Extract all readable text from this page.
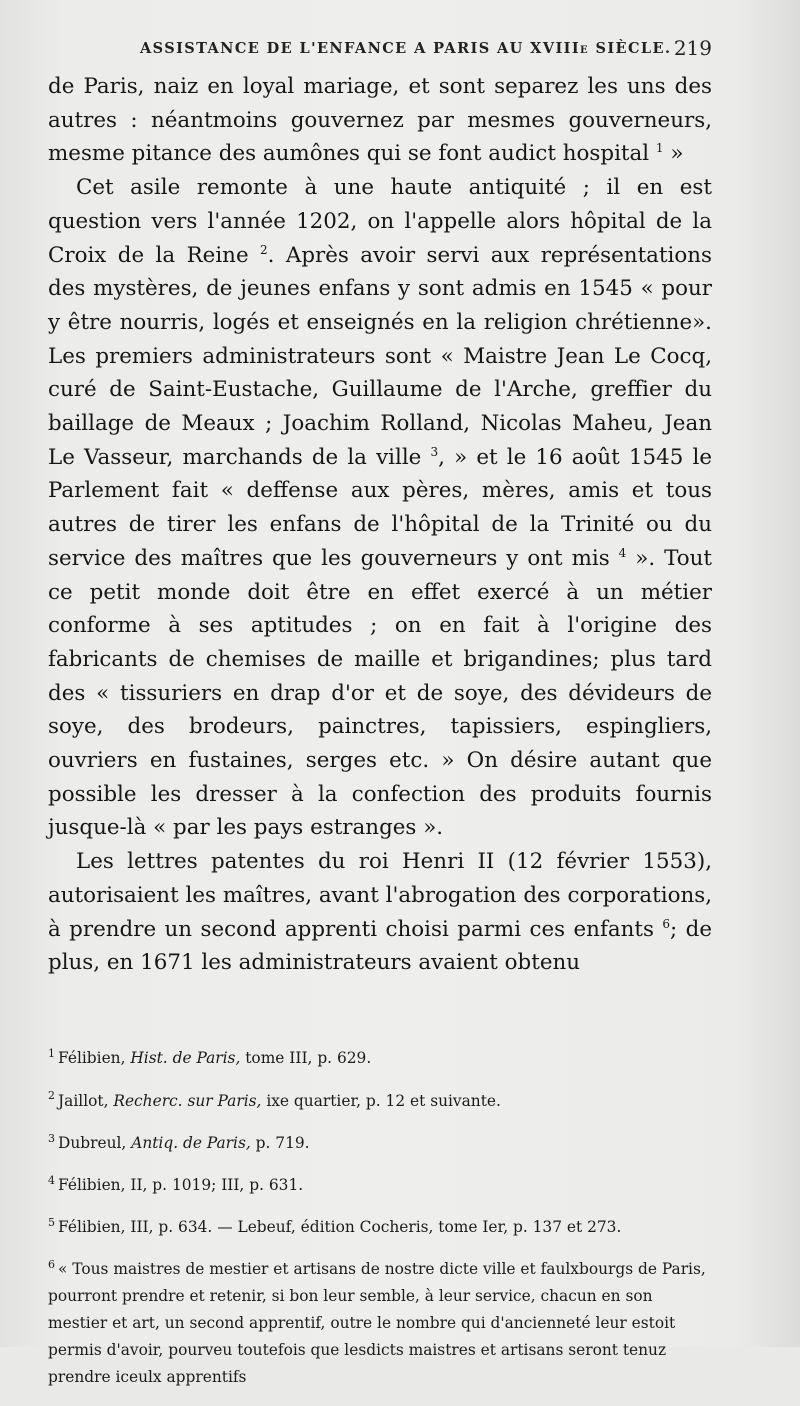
ASSISTANCE DE L'ENFANCE A PARIS AU XVIIIe SIÈCLE. 219

de Paris, naiz en loyal mariage, et sont separez les uns des autres : néantmoins gouvernez par mesmes gouverneurs, mesme pitance des aumônes qui se font audict hospital $^1$ »

Cet asile remonte à une haute antiquité ; il en est question vers l'année 1202, on l'appelle alors hôpital de la Croix de la Reine $^2$. Après avoir servi aux représentations des mystères, de jeunes enfans y sont admis en 1545 « pour y être nourris, logés et enseignés en la religion chrétienne». Les premiers administrateurs sont « Maistre Jean Le Cocq, curé de Saint-Eustache, Guillaume de l'Arche, greffier du baillage de Meaux ; Joachim Rolland, Nicolas Maheu, Jean Le Vasseur, marchands de la ville $^3$, » et le 16 août 1545 le Parlement fait « deffense aux pères, mères, amis et tous autres de tirer les enfans de l'hôpital de la Trinité ou du service des maîtres que les gouverneurs y ont mis $^4$ ». Tout ce petit monde doit être en effet exercé à un métier conforme à ses aptitudes ; on en fait à l'origine des fabricants de chemises de maille et brigandines; plus tard des « tissuriers en drap d'or et de soye, des dévideurs de soye, des brodeurs, painctres, tapissiers, espingliers, ouvriers en fustaines, serges etc. » On désire autant que possible les dresser à la confection des produits fournis jusque-là « par les pays estranges ».

Les lettres patentes du roi Henri II (12 février 1553), autorisaient les maîtres, avant l'abrogation des corporations, à prendre un second apprenti choisi parmi ces enfants $^6$; de plus, en 1671 les administrateurs avaient obtenu

$^1$ Félibien, Hist. de Paris, tome III, p. 629.

$^2$ Jaillot, Recherc. sur Paris, ixe quartier, p. 12 et suivante.

$^3$ Dubreul, Antiq. de Paris, p. 719.

$^4$ Félibien, II, p. 1019; III, p. 631.

$^5$ Félibien, III, p. 634. — Lebeuf, édition Cocheris, tome Ier, p. 137 et 273.

$^6$ « Tous maistres de mestier et artisans de nostre dicte ville et faulxbourgs de Paris, pourront prendre et retenir, si bon leur semble, à leur service, chacun en son mestier et art, un second apprentif, outre le nombre qui d'ancienneté leur estoit permis d'avoir, pourveu toutefois que lesdicts maistres et artisans seront tenuz prendre iceulx apprentifs
